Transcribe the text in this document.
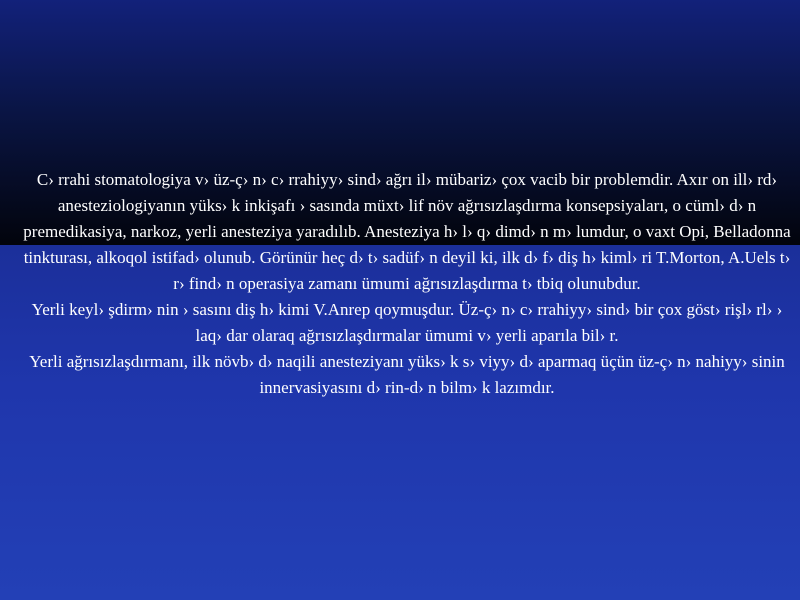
C› rrahi stomatologiya v› üz-ç› n› c› rrahiyy› sind› ağrı il› mübariz› çox vacib bir problemdir. Axır on ill› rd› anesteziologiyanın yüks› k inkişafı › sasında müxt› lif növ ağrısızlaşdırma konsepsiyaları, o cüml› d› n premedikasiya, narkoz, yerli anesteziya yaradılıb. Anesteziya h› l› q› dimd› n m› lumdur, o vaxt Opi, Belladonna tinkturası, alkoqol istifad› olunub. Görünür heç d› t› sadüf› n deyil ki, ilk d› f› diş h› kiml› ri T.Morton, A.Uels t› r› find› n operasiya zamanı ümumi ağrısızlaşdırma t› tbiq olunubdur.

Yerli keyl› şdirm› nin › sasını diş h› kimi V.Anrep qoymuşdur. Üz-ç› n› c› rrahiyy› sind› bir çox göst› rişl› rl› › laq› dar olaraq ağrısızlaşdırmalar ümumi v› yerli aparıla bil› r.

Yerli ağrısızlaşdırmanı, ilk növb› d› naqili anesteziyanı yüks› k s› viyy› d› aparmaq üçün üz-ç› n› nahiyy› sinin innervasiyasını d› rin-d› n bilm› k lazımdır.
